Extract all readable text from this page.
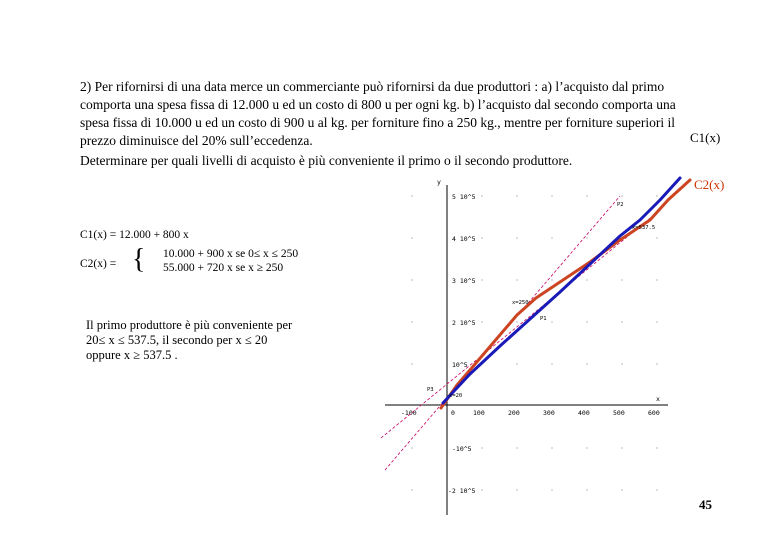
2) Per rifornirsi di una data merce un commerciante può rifornirsi da due produttori : a) l’acquisto dal primo
comporta una spesa fissa di 12.000 u ed un costo di 800 u per ogni kg. b) l’acquisto dal secondo comporta una
spesa fissa di 10.000 u ed un costo di 900 u al kg. per forniture fino a 250 kg., mentre per forniture superiori il
prezzo diminuisce del 20% sull’eccedenza.	C1(x)

Determinare per quali livelli di acquisto è più conveniente il primo o il secondo produttore.

C2(x)
C1(x) = 12.000 + 800 x
C2(x) = { 10.000 + 900 x se 0≤ x ≤ 250
55.000 + 720 x se x ≥ 250

Il primo produttore è più conveniente per
20≤ x ≤ 537.5, il secondo per x ≤ 20
oppure x ≥ 537.5 .

y
x
5 10^5
4 10^5
3 10^5
2 10^5
10^5
-10^5
-2 10^5
-100	0	100	200	300	400	500	600
P3
x=20
x=250
P1
P2
x=537.5
45
